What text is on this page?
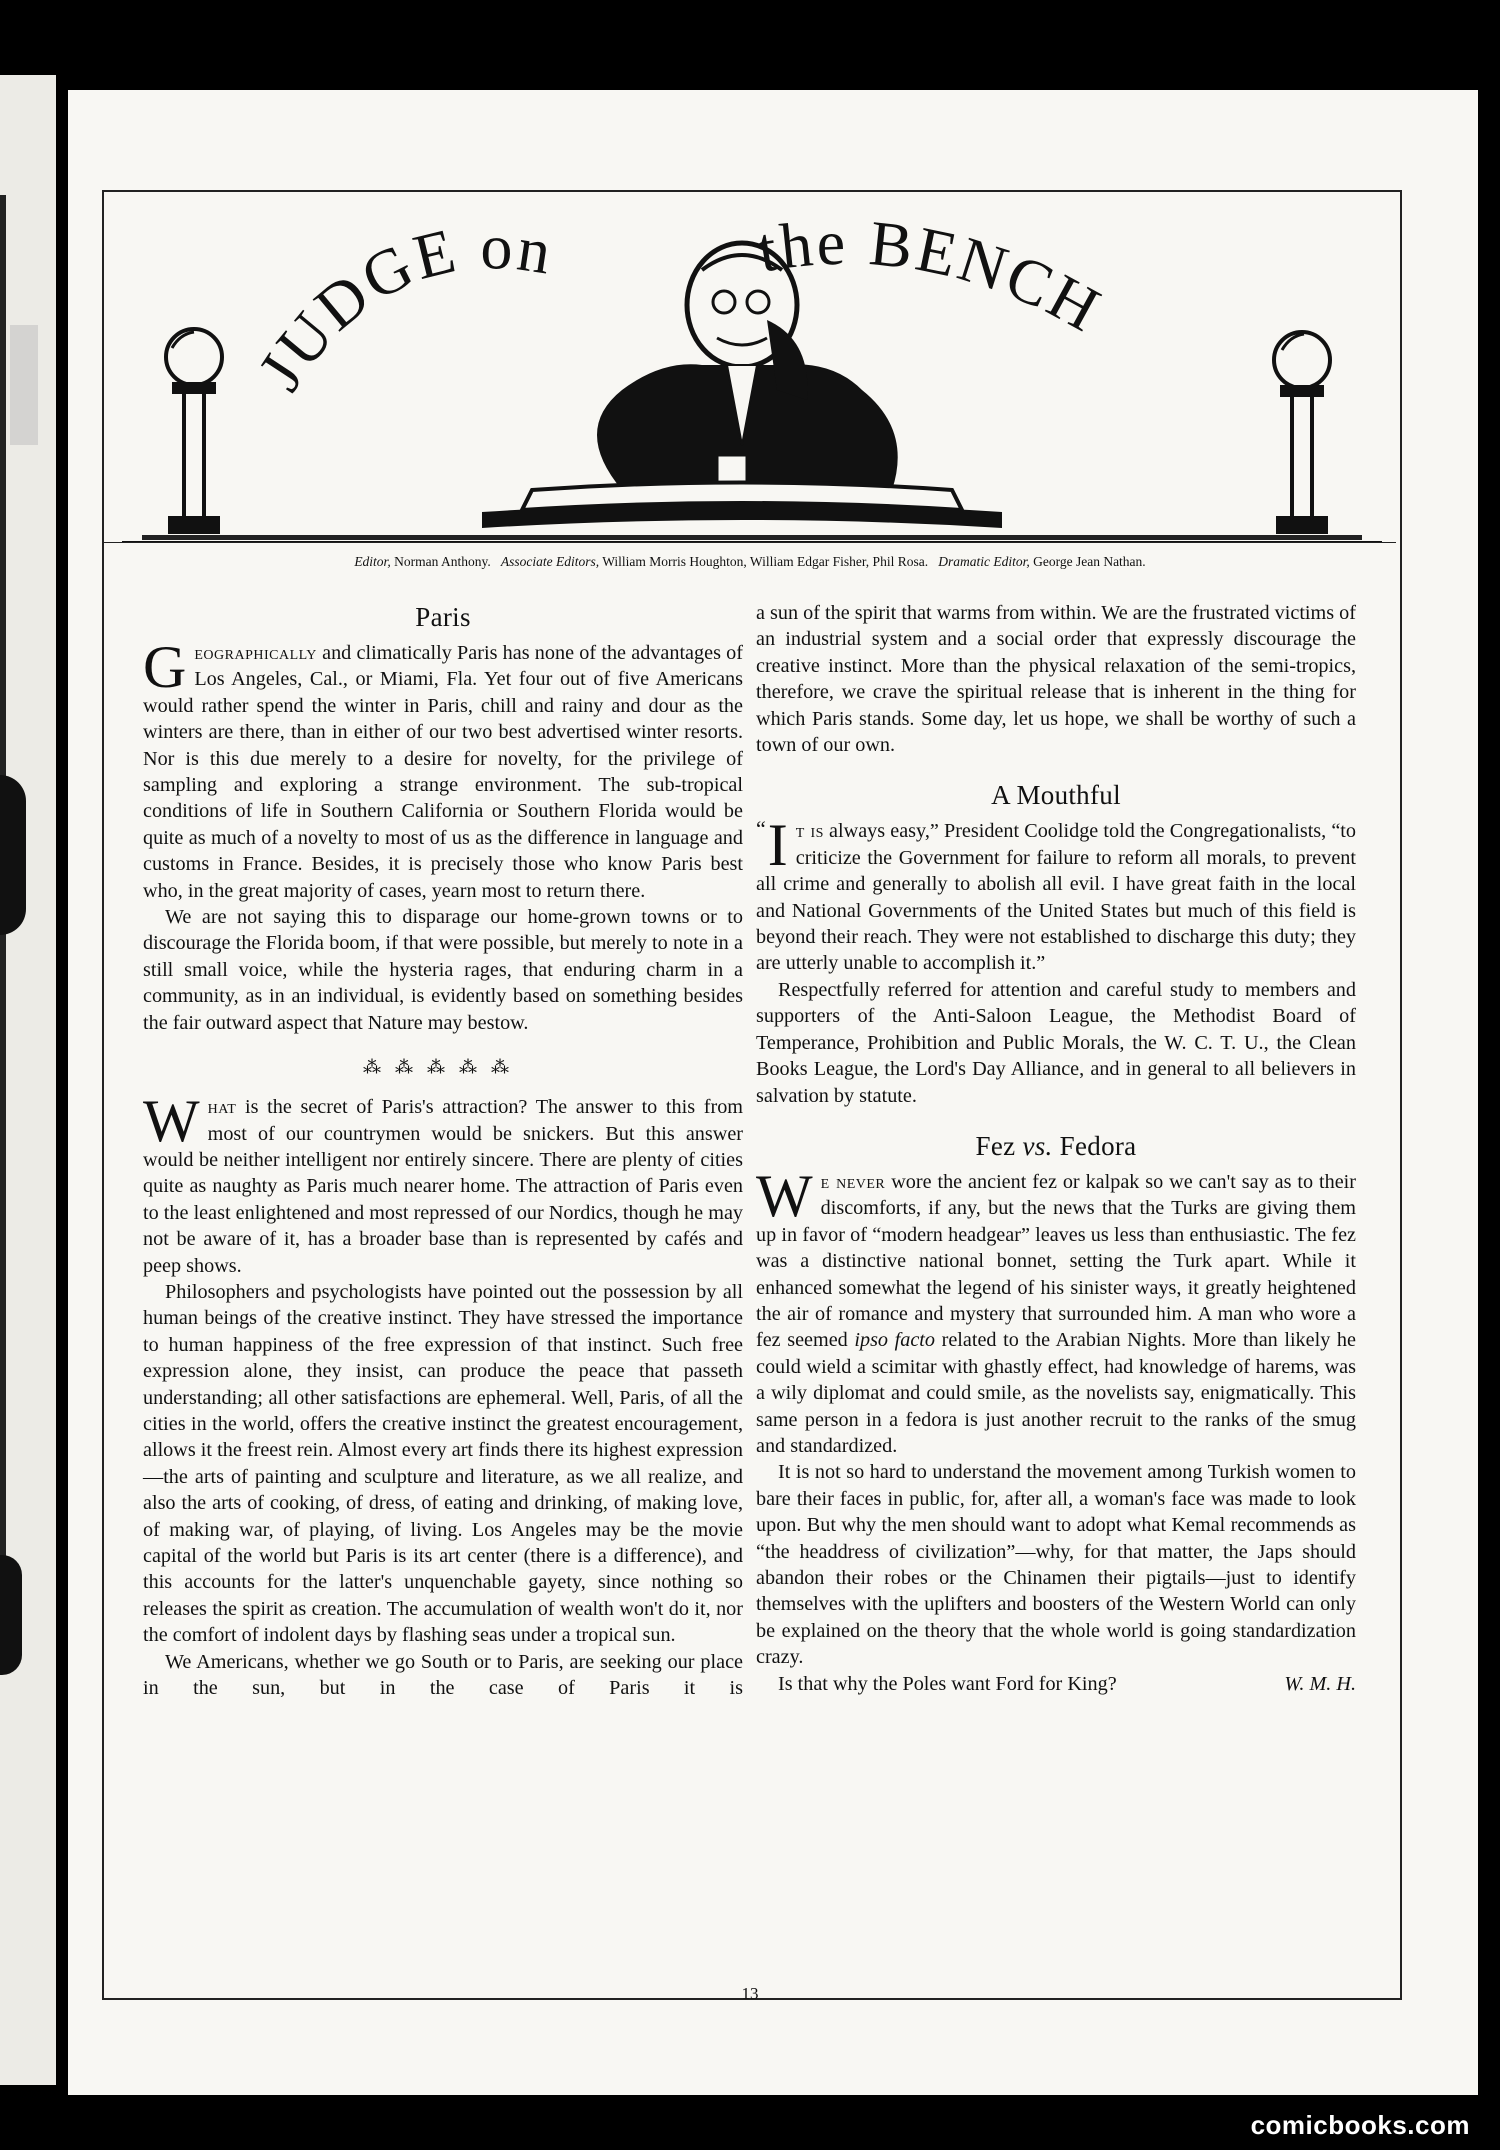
JUDGE on	the BENCH
Editor, Norman Anthony. Associate Editors, William Morris Houghton, William Edgar Fisher, Phil Rosa. Dramatic Editor, George Jean Nathan.
Paris

Geographically and climatically Paris has none of the advantages of Los Angeles, Cal., or Miami, Fla. Yet four out of five Americans would rather spend the winter in Paris, chill and rainy and dour as the winters are there, than in either of our two best advertised winter resorts. Nor is this due merely to a desire for novelty, for the privilege of sampling and exploring a strange environment. The sub-tropical conditions of life in Southern California or Southern Florida would be quite as much of a novelty to most of us as the difference in language and customs in France. Besides, it is precisely those who know Paris best who, in the great majority of cases, yearn most to return there.

We are not saying this to disparage our home-grown towns or to discourage the Florida boom, if that were possible, but merely to note in a still small voice, while the hysteria rages, that enduring charm in a community, as in an individual, is evidently based on something besides the fair outward aspect that Nature may bestow.

⁂⁂⁂⁂⁂

What is the secret of Paris's attraction? The answer to this from most of our countrymen would be snickers. But this answer would be neither intelligent nor entirely sincere. There are plenty of cities quite as naughty as Paris much nearer home. The attraction of Paris even to the least enlightened and most repressed of our Nordics, though he may not be aware of it, has a broader base than is represented by cafés and peep shows.

Philosophers and psychologists have pointed out the possession by all human beings of the creative instinct. They have stressed the importance to human happiness of the free expression of that instinct. Such free expression alone, they insist, can produce the peace that passeth understanding; all other satisfactions are ephemeral. Well, Paris, of all the cities in the world, offers the creative instinct the greatest encouragement, allows it the freest rein. Almost every art finds there its highest expression—the arts of painting and sculpture and literature, as we all realize, and also the arts of cooking, of dress, of eating and drinking, of making love, of making war, of playing, of living. Los Angeles may be the movie capital of the world but Paris is its art center (there is a difference), and this accounts for the latter's unquenchable gayety, since nothing so releases the spirit as creation. The accumulation of wealth won't do it, nor the comfort of indolent days by flashing seas under a tropical sun.

We Americans, whether we go South or to Paris, are seeking our place in the sun, but in the case of Paris it is

a sun of the spirit that warms from within. We are the frustrated victims of an industrial system and a social order that expressly discourage the creative instinct. More than the physical relaxation of the semi-tropics, therefore, we crave the spiritual release that is inherent in the thing for which Paris stands. Some day, let us hope, we shall be worthy of such a town of our own.

A Mouthful

“ I t is always easy,” President Coolidge told the Congregationalists, “to criticize the Government for failure to reform all morals, to prevent all crime and generally to abolish all evil. I have great faith in the local and National Governments of the United States but much of this field is beyond their reach. They were not established to discharge this duty; they are utterly unable to accomplish it.”

Respectfully referred for attention and careful study to members and supporters of the Anti-Saloon League, the Methodist Board of Temperance, Prohibition and Public Morals, the W. C. T. U., the Clean Books League, the Lord's Day Alliance, and in general to all believers in salvation by statute.

Fez vs. Fedora

We never wore the ancient fez or kalpak so we can't say as to their discomforts, if any, but the news that the Turks are giving them up in favor of “modern headgear” leaves us less than enthusiastic. The fez was a distinctive national bonnet, setting the Turk apart. While it enhanced somewhat the legend of his sinister ways, it greatly heightened the air of romance and mystery that surrounded him. A man who wore a fez seemed ipso facto related to the Arabian Nights. More than likely he could wield a scimitar with ghastly effect, had knowledge of harems, was a wily diplomat and could smile, as the novelists say, enigmatically. This same person in a fedora is just another recruit to the ranks of the smug and standardized.

It is not so hard to understand the movement among Turkish women to bare their faces in public, for, after all, a woman's face was made to look upon. But why the men should want to adopt what Kemal recommends as “the headdress of civilization”—why, for that matter, the Japs should abandon their robes or the Chinamen their pigtails—just to identify themselves with the uplifters and boosters of the Western World can only be explained on the theory that the whole world is going standardization crazy.

Is that why the Poles want Ford for King?	W. M. H.

13
comicbooks.com
